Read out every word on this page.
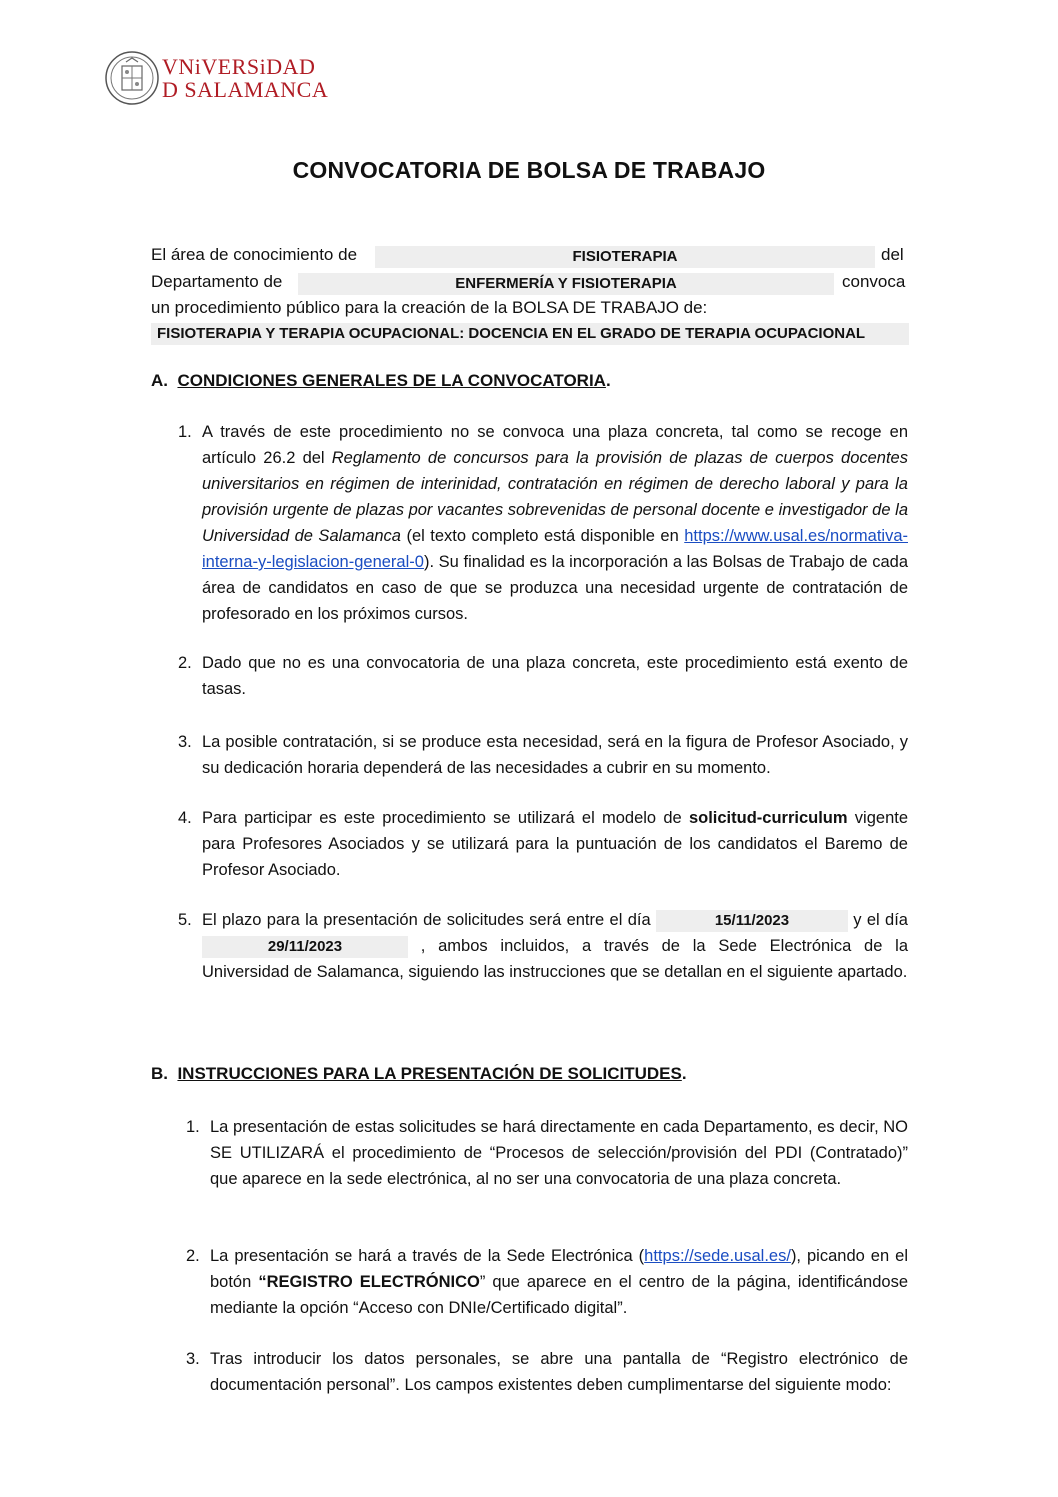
VNiVERSiDAD
D SALAMANCA
CONVOCATORIA DE BOLSA DE TRABAJO
El área de conocimiento de	FISIOTERAPIA	del
Departamento de	ENFERMERÍA Y FISIOTERAPIA	convoca
un procedimiento público para la creación de la BOLSA DE TRABAJO de:
FISIOTERAPIA Y TERAPIA OCUPACIONAL: DOCENCIA EN EL GRADO DE TERAPIA OCUPACIONAL
A. CONDICIONES GENERALES DE LA CONVOCATORIA.
1. A través de este procedimiento no se convoca una plaza concreta, tal como se recoge en artículo 26.2 del Reglamento de concursos para la provisión de plazas de cuerpos docentes universitarios en régimen de interinidad, contratación en régimen de derecho laboral y para la provisión urgente de plazas por vacantes sobrevenidas de personal docente e investigador de la Universidad de Salamanca (el texto completo está disponible en https://www.usal.es/normativa-interna-y-legislacion-general-0). Su finalidad es la incorporación a las Bolsas de Trabajo de cada área de candidatos en caso de que se produzca una necesidad urgente de contratación de profesorado en los próximos cursos.
2. Dado que no es una convocatoria de una plaza concreta, este procedimiento está exento de tasas.
3. La posible contratación, si se produce esta necesidad, será en la figura de Profesor Asociado, y su dedicación horaria dependerá de las necesidades a cubrir en su momento.
4. Para participar es este procedimiento se utilizará el modelo de solicitud-curriculum vigente para Profesores Asociados y se utilizará para la puntuación de los candidatos el Baremo de Profesor Asociado.
5. El plazo para la presentación de solicitudes será entre el día	15/11/2023	y el día 29/11/2023	, ambos incluidos, a través de la Sede Electrónica de la Universidad de Salamanca, siguiendo las instrucciones que se detallan en el siguiente apartado.
B. INSTRUCCIONES PARA LA PRESENTACIÓN DE SOLICITUDES.
1. La presentación de estas solicitudes se hará directamente en cada Departamento, es decir, NO SE UTILIZARÁ el procedimiento de “Procesos de selección/provisión del PDI (Contratado)” que aparece en la sede electrónica, al no ser una convocatoria de una plaza concreta.
2. La presentación se hará a través de la Sede Electrónica (https://sede.usal.es/), picando en el botón “REGISTRO ELECTRÓNICO” que aparece en el centro de la página, identificándose mediante la opción “Acceso con DNIe/Certificado digital”.
3. Tras introducir los datos personales, se abre una pantalla de “Registro electrónico de documentación personal”. Los campos existentes deben cumplimentarse del siguiente modo:
